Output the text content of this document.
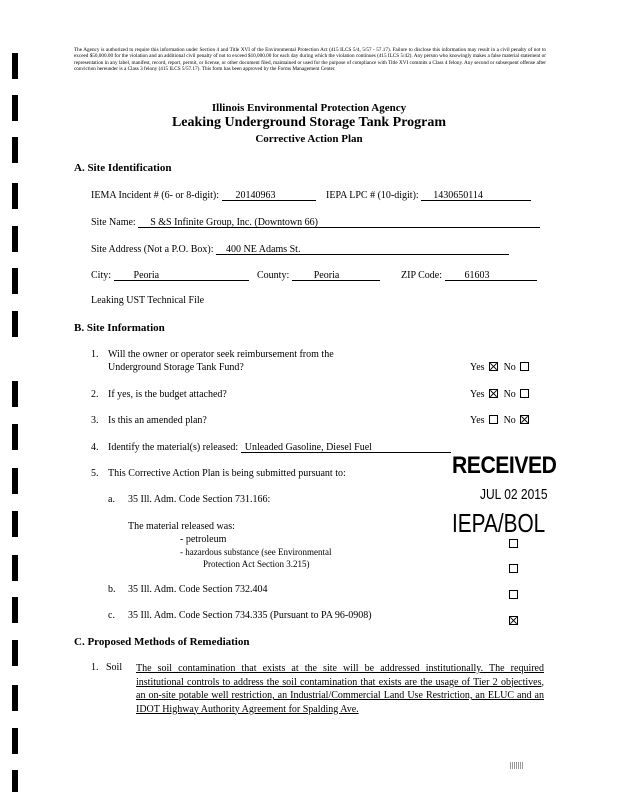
The Agency is authorized to require this information under Section 4 and Title XVI of the Environmental Protection Act (415 ILCS 5/4, 5/57 - 57.17). Failure to disclose this information may result in a civil penalty of not to exceed $50,000.00 for the violation and an additional civil penalty of not to exceed $10,000.00 for each day during which the violation continues (415 ILCS 5/42). Any person who knowingly makes a false material statement or representation in any label, manifest, record, report, permit, or license, or other document filed, maintained or used for the purpose of compliance with Title XVI commits a Class 4 felony. Any second or subsequent offense after conviction hereunder is a Class 3 felony (415 ILCS 5/57.17). This form has been approved by the Forms Management Center.
Illinois Environmental Protection Agency
Leaking Underground Storage Tank Program
Corrective Action Plan
A. Site Identification
IEMA Incident # (6- or 8-digit): 20140963	IEPA LPC # (10-digit): 1430650114
Site Name: S &S Infinite Group, Inc. (Downtown 66)
Site Address (Not a P.O. Box): 400 NE Adams St.
City: Peoria	County: Peoria	ZIP Code: 61603
Leaking UST Technical File
B. Site Information
1. Will the owner or operator seek reimbursement from the
Underground Storage Tank Fund?	Yes No
2. If yes, is the budget attached?	Yes No
3. Is this an amended plan?	Yes No
4. Identify the material(s) released: Unleaded Gasoline, Diesel Fuel
5. This Corrective Action Plan is being submitted pursuant to:
a. 35 Ill. Adm. Code Section 731.166:
The material released was:
- petroleum
- hazardous substance (see Environmental
Protection Act Section 3.215)
b. 35 Ill. Adm. Code Section 732.404
c. 35 Ill. Adm. Code Section 734.335 (Pursuant to PA 96-0908)
RECEIVED
JUL 02 2015
IEPA/BOL
C. Proposed Methods of Remediation
1. Soil The soil contamination that exists at the site will be addressed institutionally. The required institutional controls to address the soil contamination that exists are the usage of Tier 2 objectives, an on-site potable well restriction, an Industrial/Commercial Land Use Restriction, an ELUC and an IDOT Highway Authority Agreement for Spalding Ave.
